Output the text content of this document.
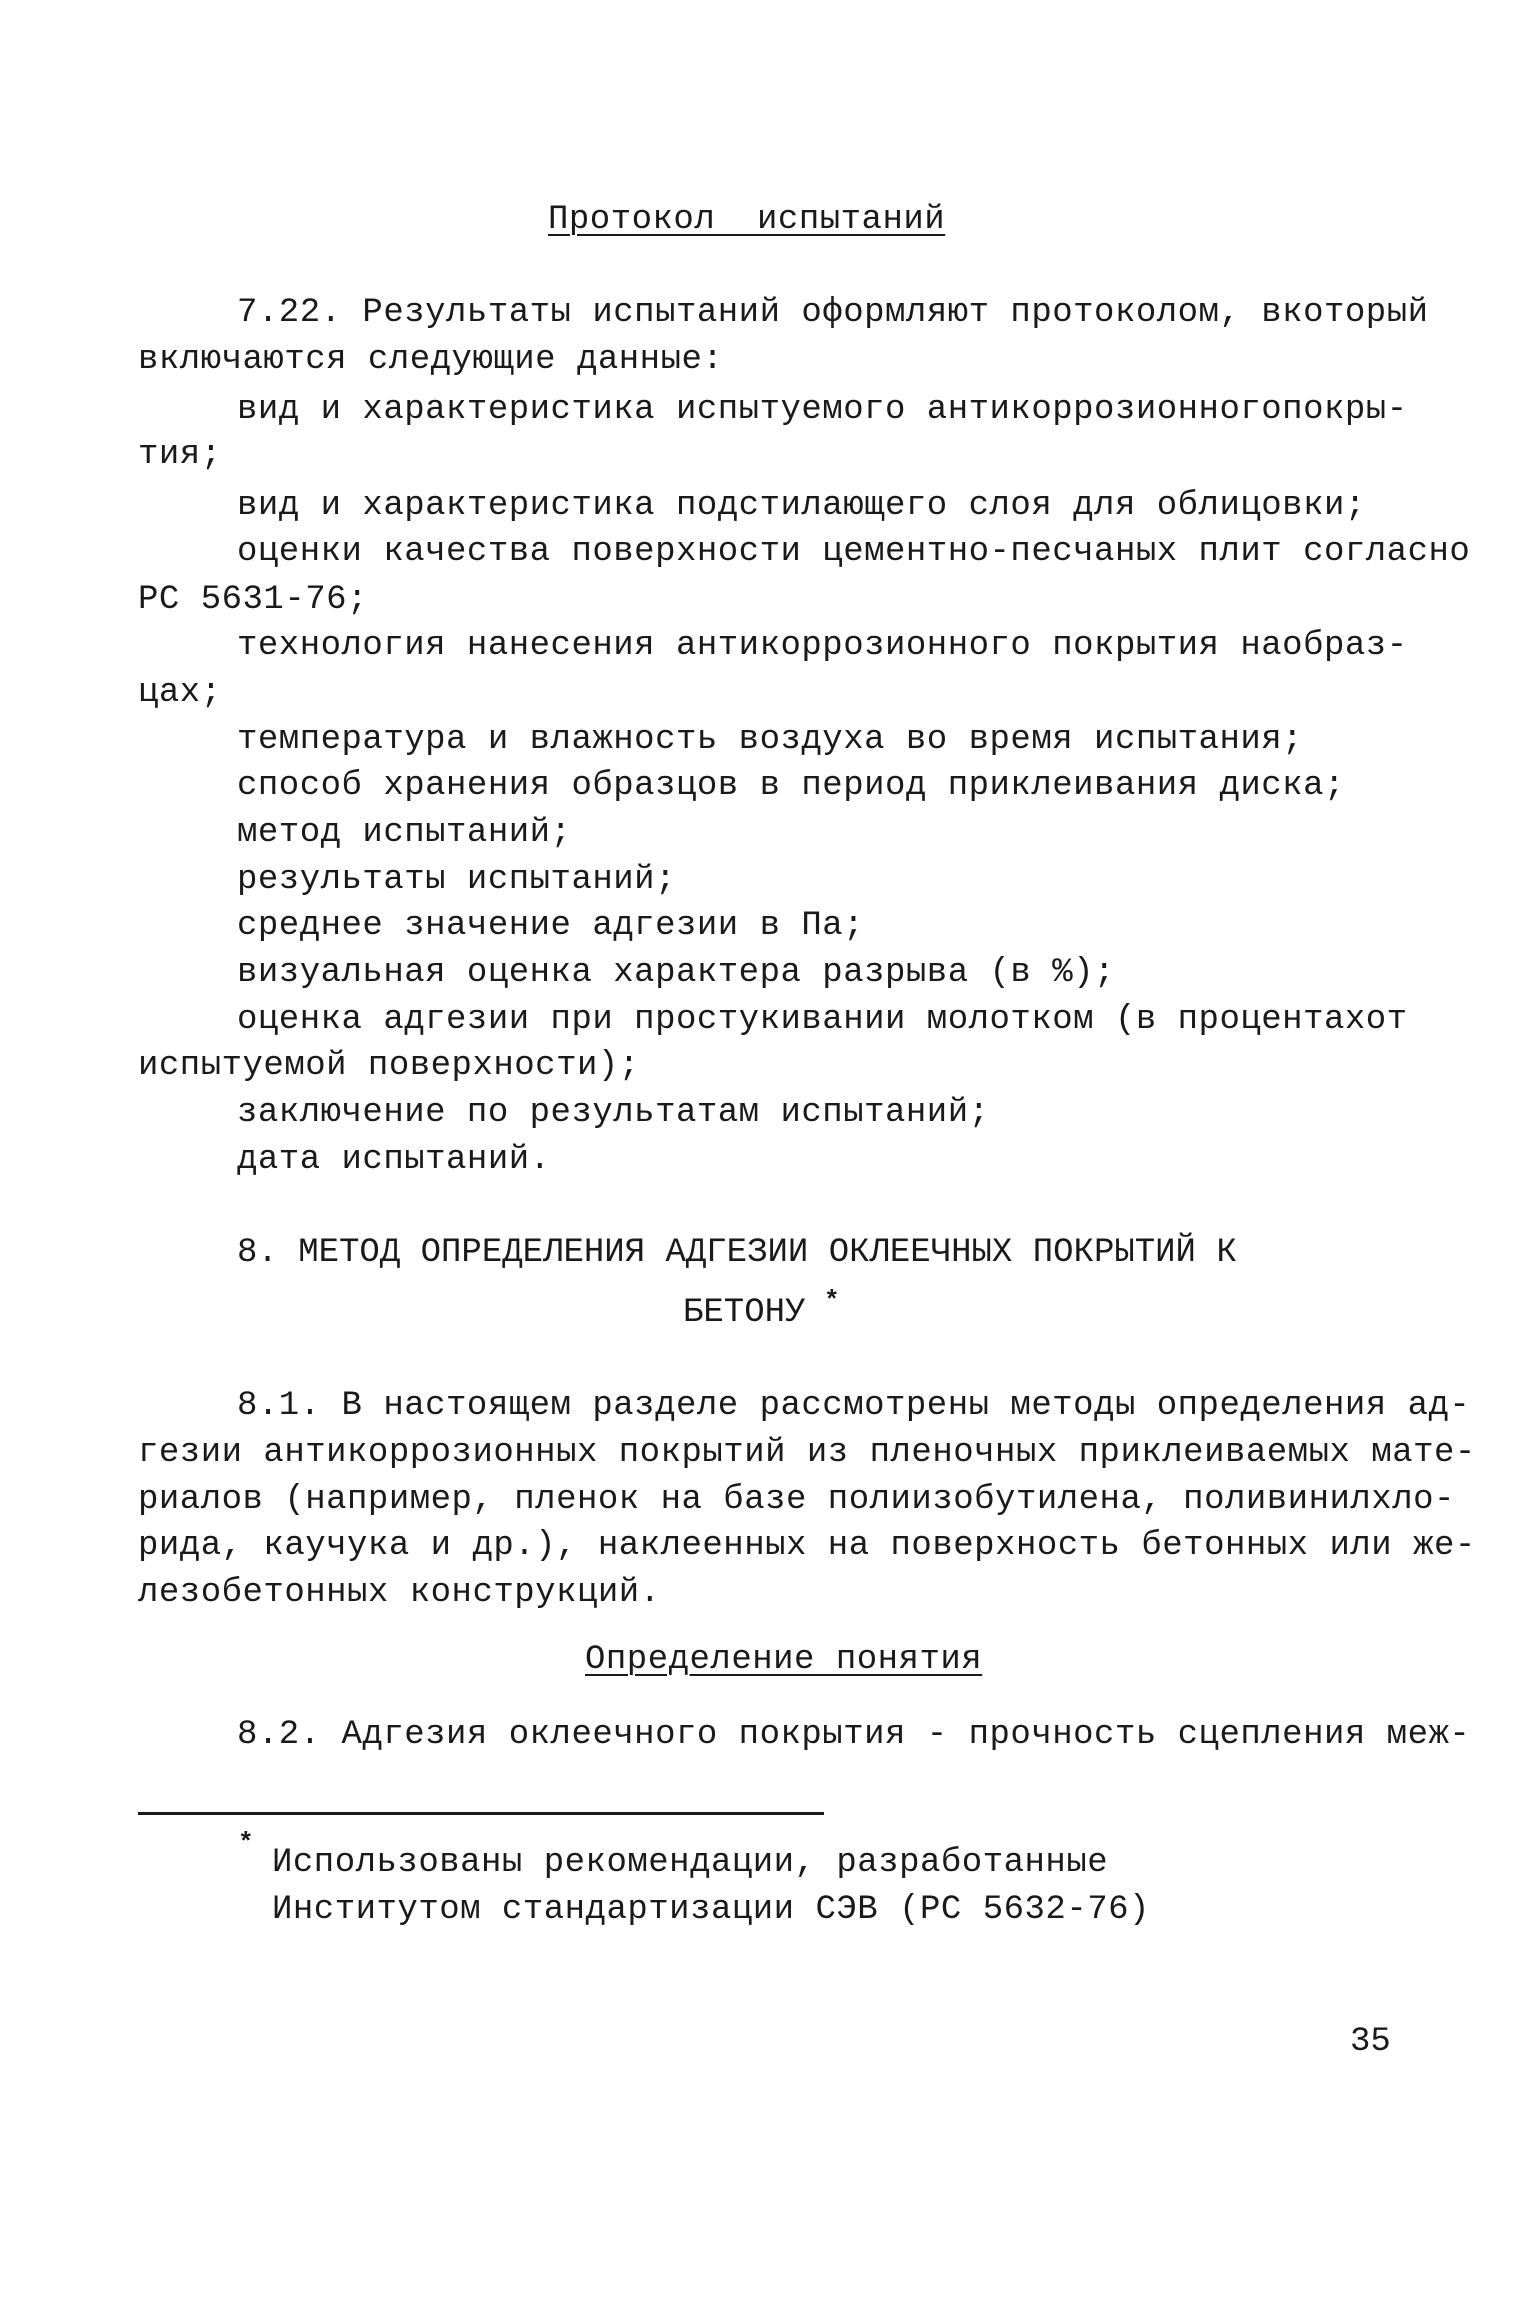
Протокол  испытаний
7.22. Результаты испытаний оформляют протоколом, в который
включаются следующие данные:
вид и характеристика испытуемого антикоррозионного покры-
тия;
вид и характеристика подстилающего слоя для облицовки;
оценки качества поверхности цементно-песчаных плит согласно
РС 5631-76;
технология нанесения антикоррозионного покрытия на образ-
цах;
температура и влажность воздуха во время испытания;
способ хранения образцов в период приклеивания диска;
метод испытаний;
результаты испытаний;
среднее значение адгезии в Па;
визуальная оценка характера разрыва (в %);
оценка адгезии при простукивании молотком (в процентах от
испытуемой поверхности);
заключение по результатам испытаний;
дата испытаний.
8. МЕТОД ОПРЕДЕЛЕНИЯ АДГЕЗИИ ОКЛЕЕЧНЫХ ПОКРЫТИЙ К
БЕТОНУ *
8.1. В настоящем разделе рассмотрены методы определения ад-
гезии антикоррозионных покрытий из пленочных приклеиваемых мате-
риалов (например, пленок на базе полиизобутилена, поливинилхло-
рида, каучука и др.), наклеенных на поверхность бетонных или же-
лезобетонных конструкций.
Определение понятия
8.2. Адгезия оклеечного покрытия - прочность сцепления меж-
*
Использованы рекомендации, разработанные
Институтом стандартизации СЭВ (РС 5632-76)
35
